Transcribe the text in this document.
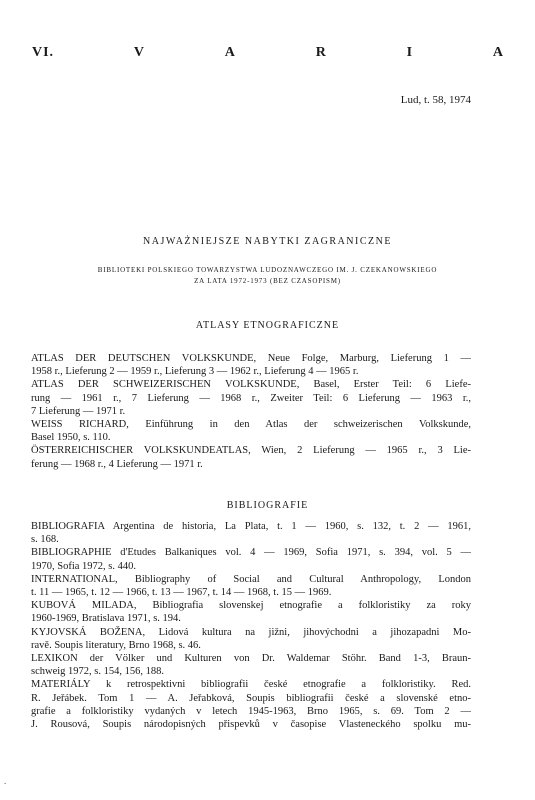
VI.	V	A	R	I	A
Lud, t. 58, 1974
NAJWAŻNIEJSZE NABYTKI ZAGRANICZNE
BIBLIOTEKI POLSKIEGO TOWARZYSTWA LUDOZNAWCZEGO IM. J. CZEKANOWSKIEGO
ZA LATA 1972-1973 (BEZ CZASOPISM)
ATLASY ETNOGRAFICZNE
ATLAS DER DEUTSCHEN VOLKSKUNDE, Neue Folge, Marburg, Lieferung 1 —
1958 r., Lieferung 2 — 1959 r., Lieferung 3 — 1962 r., Lieferung 4 — 1965 r.
ATLAS DER SCHWEIZERISCHEN VOLKSKUNDE, Basel, Erster Teil: 6 Liefe-
rung — 1961 r., 7 Lieferung — 1968 r., Zweiter Teil: 6 Lieferung — 1963 r.,
7 Lieferung — 1971 r.
WEISS RICHARD, Einführung in den Atlas der schweizerischen Volkskunde,
Basel 1950, s. 110.
ÖSTERREICHISCHER VOLKSKUNDEATLAS, Wien, 2 Lieferung — 1965 r., 3 Lie-
ferung — 1968 r., 4 Lieferung — 1971 r.
BIBLIOGRAFIE
BIBLIOGRAFIA Argentina de historia, La Plata, t. 1 — 1960, s. 132, t. 2 — 1961,
s. 168.
BIBLIOGRAPHIE d'Etudes Balkaniques vol. 4 — 1969, Sofia 1971, s. 394, vol. 5 —
1970, Sofia 1972, s. 440.
INTERNATIONAL, Bibliography of Social and Cultural Anthropology, London
t. 11 — 1965, t. 12 — 1966, t. 13 — 1967, t. 14 — 1968, t. 15 — 1969.
KUBOVÁ MILADA, Bibliografia slovenskej etnografie a folkloristiky za roky
1960-1969, Bratislava 1971, s. 194.
KYJOVSKÁ BOŽENA, Lidová kultura na jižni, jihovýchodni a jihozapadni Mo-
ravě. Soupis literatury, Brno 1968, s. 46.
LEXIKON der Völker und Kulturen von Dr. Waldemar Stöhr. Band 1-3, Braun-
schweig 1972, s. 154, 156, 188.
MATERIÁLY k retrospektivni bibliografii české etnografie a folkloristiky. Red.
R. Jeřábek. Tom 1 — A. Jeřabková, Soupis bibliografii české a slovenské etno-
grafie a folkloristiky vydaných v letech 1945-1963, Brno 1965, s. 69. Tom 2 —
J. Rousová, Soupis národopisných přispevků v časopise Vlasteneckého spolku mu-
.
